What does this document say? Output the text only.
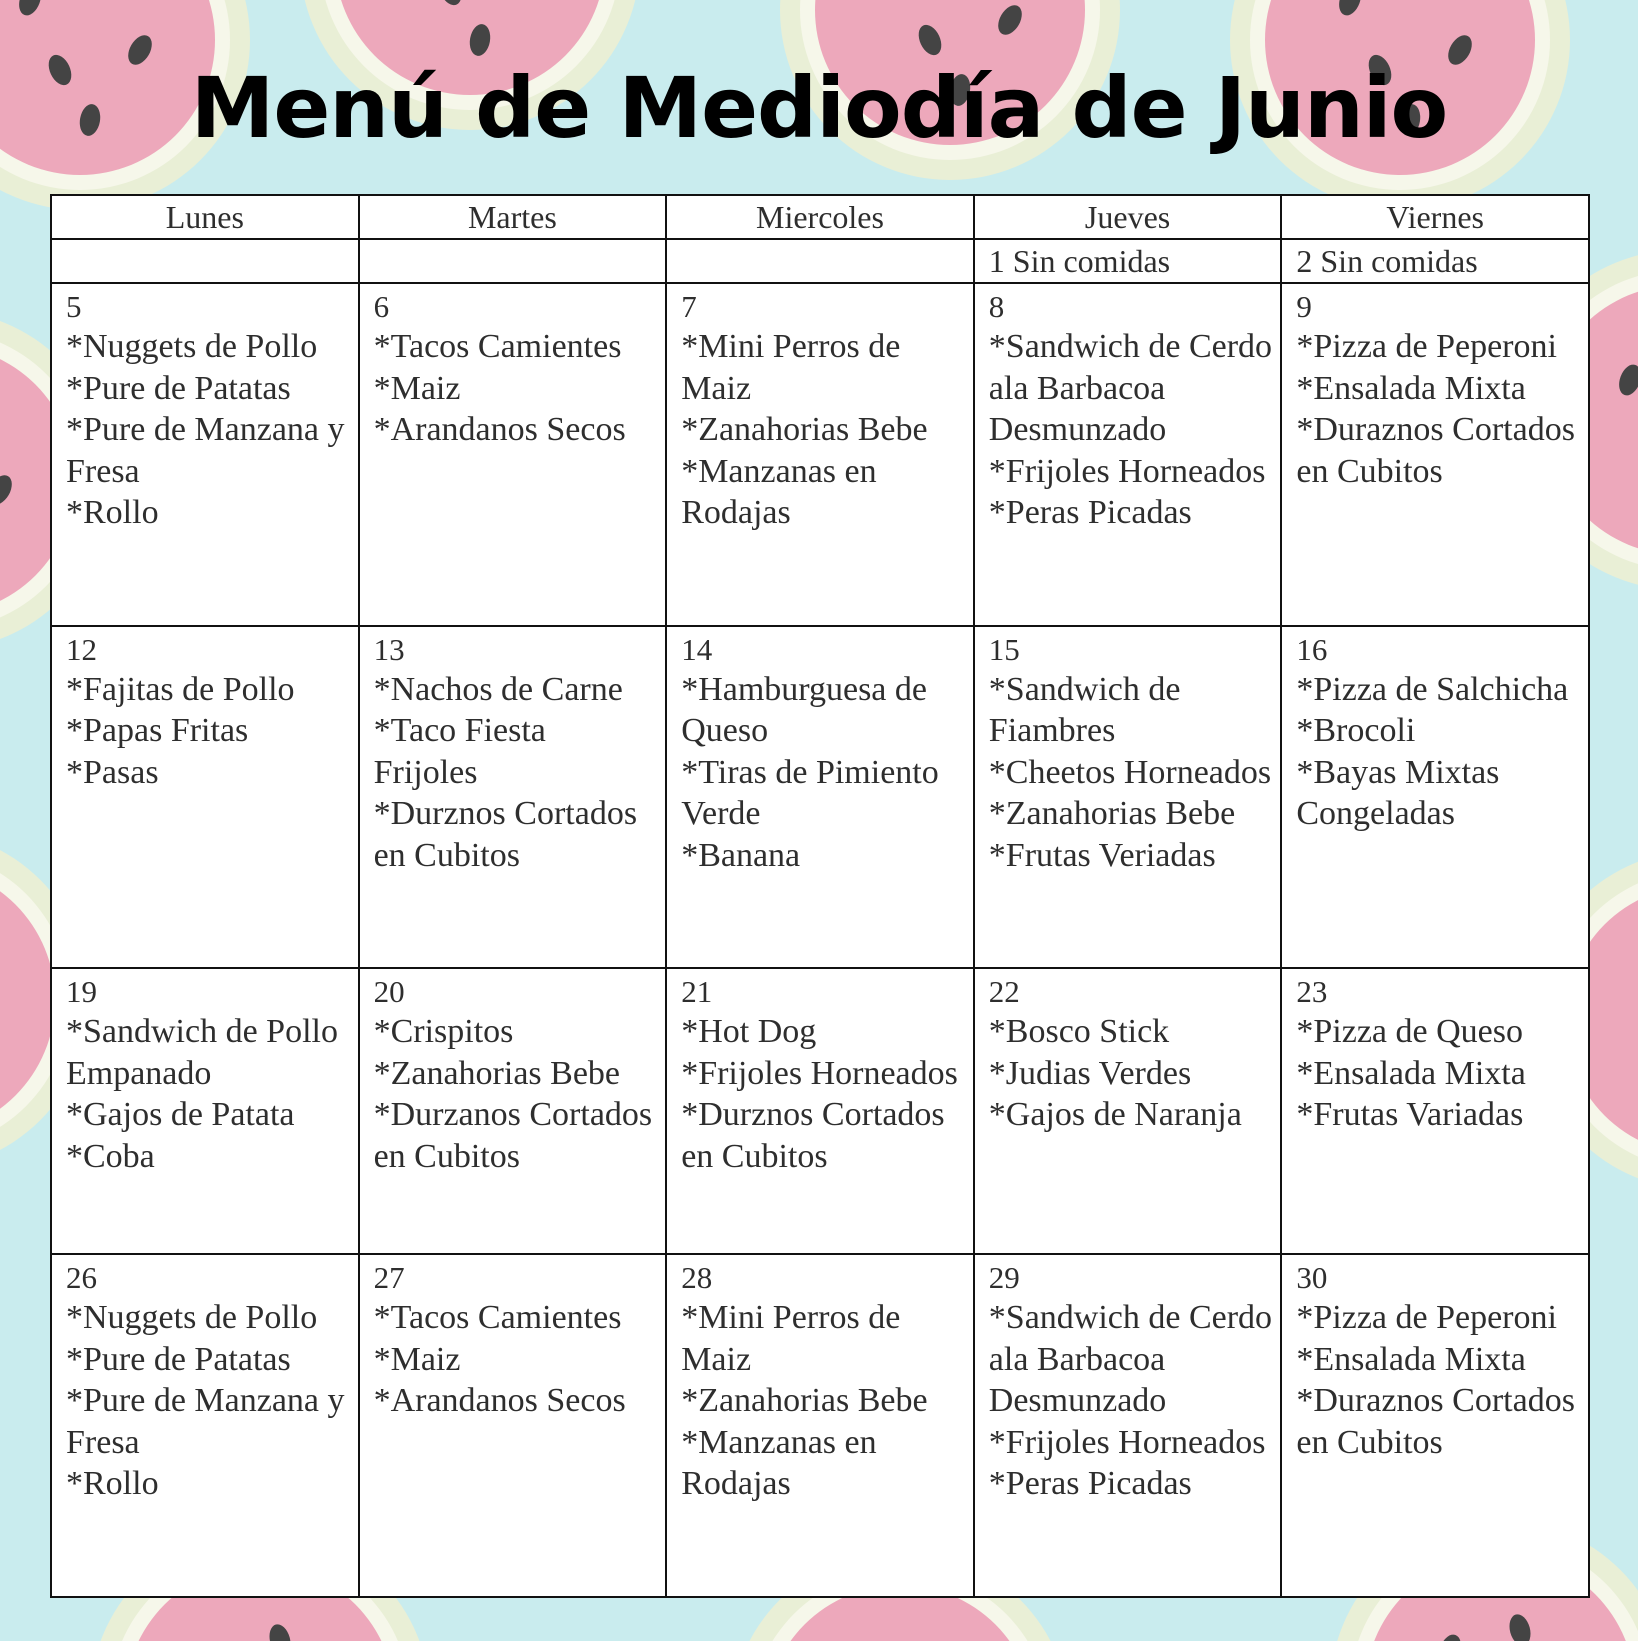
Menú de Mediodía de Junio
Lunes	Martes	Miercoles	Jueves	Viernes
			1 Sin comidas	2 Sin comidas

5
*Nuggets de Pollo
*Pure de Patatas
*Pure de Manzana y Fresa
*Rollo	6
*Tacos Camientes
*Maiz
*Arandanos Secos	7
*Mini Perros de Maiz
*Zanahorias Bebe
*Manzanas en Rodajas	8
*Sandwich de Cerdo ala Barbacoa Desmunzado
*Frijoles Horneados
*Peras Picadas	9
*Pizza de Peperoni
*Ensalada Mixta
*Duraznos Cortados en Cubitos

12
*Fajitas de Pollo
*Papas Fritas
*Pasas	13
*Nachos de Carne
*Taco Fiesta Frijoles
*Durznos Cortados en Cubitos	14
*Hamburguesa de Queso
*Tiras de Pimiento Verde
*Banana	15
*Sandwich de Fiambres
*Cheetos Horneados
*Zanahorias Bebe
*Frutas Veriadas	16
*Pizza de Salchicha
*Brocoli
*Bayas Mixtas Congeladas

19
*Sandwich de Pollo Empanado
*Gajos de Patata
*Coba	20
*Crispitos
*Zanahorias Bebe
*Durzanos Cortados en Cubitos	21
*Hot Dog
*Frijoles Horneados
*Durznos Cortados en Cubitos	22
*Bosco Stick
*Judias Verdes
*Gajos de Naranja	23
*Pizza de Queso
*Ensalada Mixta
*Frutas Variadas

26
*Nuggets de Pollo
*Pure de Patatas
*Pure de Manzana y Fresa
*Rollo	27
*Tacos Camientes
*Maiz
*Arandanos Secos	28
*Mini Perros de Maiz
*Zanahorias Bebe
*Manzanas en Rodajas	29
*Sandwich de Cerdo ala Barbacoa Desmunzado
*Frijoles Horneados
*Peras Picadas	30
*Pizza de Peperoni
*Ensalada Mixta
*Duraznos Cortados en Cubitos
